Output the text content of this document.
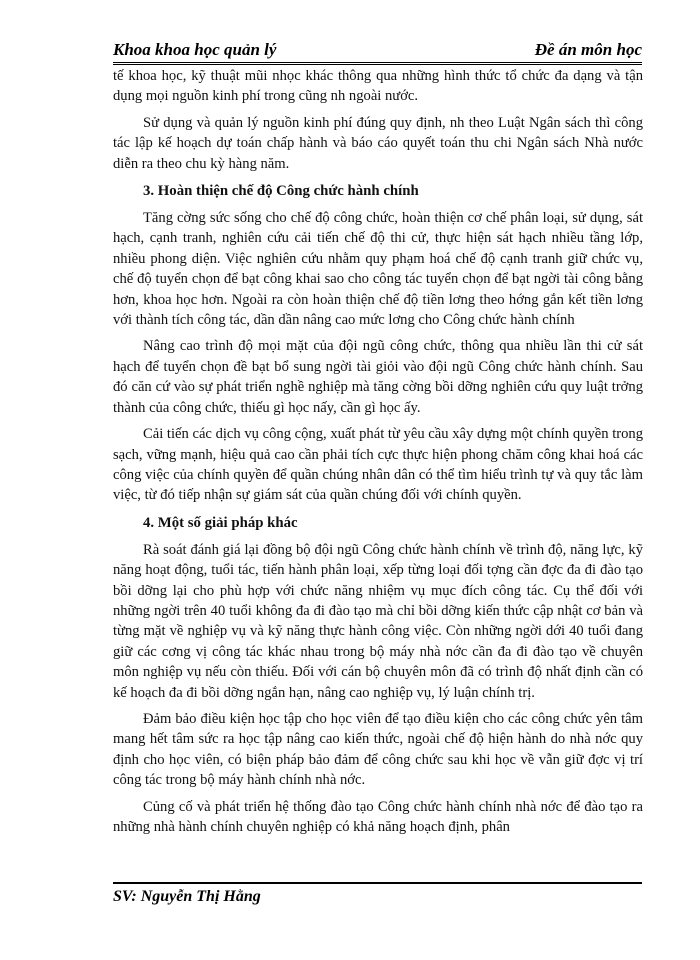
Khoa khoa học quản lý	Đề án môn học

tế khoa học, kỹ thuật mũi nhọc khác thông qua những hình thức tổ chức đa dạng và tận dụng mọi nguồn kinh phí trong cũng nh ngoài nước.

Sử dụng và quản lý nguồn kinh phí đúng quy định, nh theo Luật Ngân sách thì công tác lập kế hoạch dự toán chấp hành và báo cáo quyết toán thu chi Ngân sách Nhà nước diễn ra theo chu kỳ hàng năm.

3. Hoàn thiện chế độ Công chức hành chính

Tăng cờng sức sống cho chế độ công chức, hoàn thiện cơ chế phân loại, sử dụng, sát hạch, cạnh tranh, nghiên cứu cải tiến chế độ thi cử, thực hiện sát hạch nhiều tầng lớp, nhiều phong diện. Việc nghiên cứu nhằm quy phạm hoá chế độ cạnh tranh giữ chức vụ, chế độ tuyển chọn để bạt công khai sao cho công tác tuyển chọn để bạt ngời tài công bằng hơn, khoa học hơn. Ngoài ra còn hoàn thiện chế độ tiền lơng theo hớng gắn kết tiền lơng với thành tích công tác, dần dần nâng cao mức lơng cho Công chức hành chính

Nâng cao trình độ mọi mặt của đội ngũ công chức, thông qua nhiều lần thi cử sát hạch để tuyển chọn đề bạt bổ sung ngời tài giỏi vào đội ngũ Công chức hành chính. Sau đó căn cứ vào sự phát triển nghề nghiệp mà tăng cờng bồi dỡng nghiên cứu quy luật trởng thành của công chức, thiếu gì học nấy, cần gì học ấy.

Cải tiến các dịch vụ công cộng, xuất phát từ yêu cầu xây dựng một chính quyền trong sạch, vững mạnh, hiệu quả cao cần phải tích cực thực hiện phong chăm công khai hoá các công việc của chính quyền để quần chúng nhân dân có thể tìm hiểu trình tự và quy tắc làm việc, từ đó tiếp nhận sự giám sát của quần chúng đối với chính quyền.

4. Một số giải pháp khác

Rà soát đánh giá lại đồng bộ đội ngũ Công chức hành chính về trình độ, năng lực, kỹ năng hoạt động, tuổi tác, tiến hành phân loại, xếp từng loại đối tợng cần đợc đa đi đào tạo bồi dỡng lại cho phù hợp với chức năng nhiệm vụ mục đích công tác. Cụ thể đối với những ngời trên 40 tuổi không đa đi đào tạo mà chỉ bồi dỡng kiến thức cập nhật cơ bản và từng mặt về nghiệp vụ và kỹ năng thực hành công việc. Còn những ngời dới 40 tuổi đang giữ các cơng vị công tác khác nhau trong bộ máy nhà nớc cần đa đi đào tạo về chuyên môn nghiệp vụ nếu còn thiếu. Đối với cán bộ chuyên môn đã có trình độ nhất định cần có kế hoạch đa đi bồi dỡng ngắn hạn, nâng cao nghiệp vụ, lý luận chính trị.

Đảm bảo điều kiện học tập cho học viên để tạo điều kiện cho các công chức yên tâm mang hết tâm sức ra học tập nâng cao kiến thức, ngoài chế độ hiện hành do nhà nớc quy định cho học viên, có biện pháp bảo đảm để công chức sau khi học về vẫn giữ đợc vị trí công tác trong bộ máy hành chính nhà nớc.

Củng cố và phát triển hệ thống đào tạo Công chức hành chính nhà nớc để đào tạo ra những nhà hành chính chuyên nghiệp có khả năng hoạch định, phân

SV: Nguyễn Thị Hằng
